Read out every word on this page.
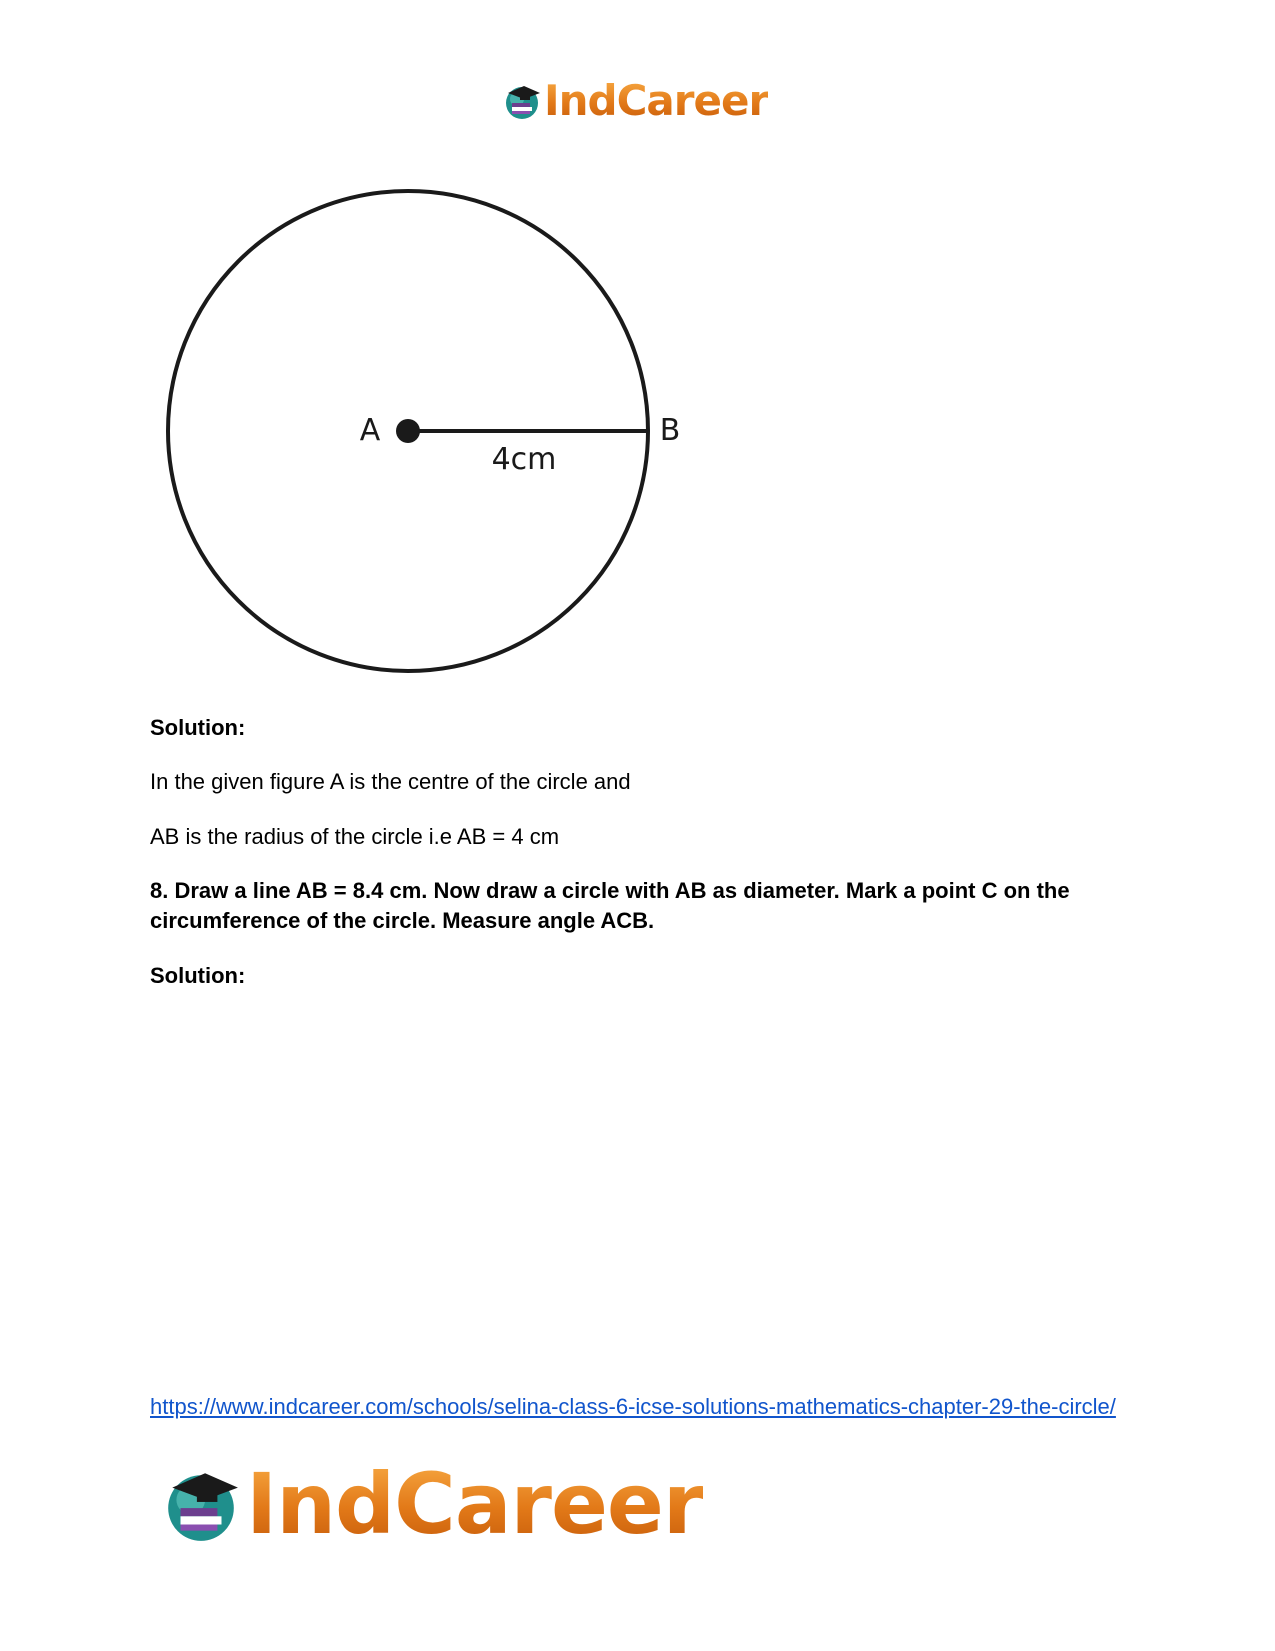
IndCareer
A	B
4cm
Solution:
In the given figure A is the centre of the circle and
AB is the radius of the circle i.e AB = 4 cm
8. Draw a line AB = 8.4 cm. Now draw a circle with AB as diameter. Mark a point C on the circumference of the circle. Measure angle ACB.
Solution:
https://www.indcareer.com/schools/selina-class-6-icse-solutions-mathematics-chapter-29-the-circle/
IndCareer
